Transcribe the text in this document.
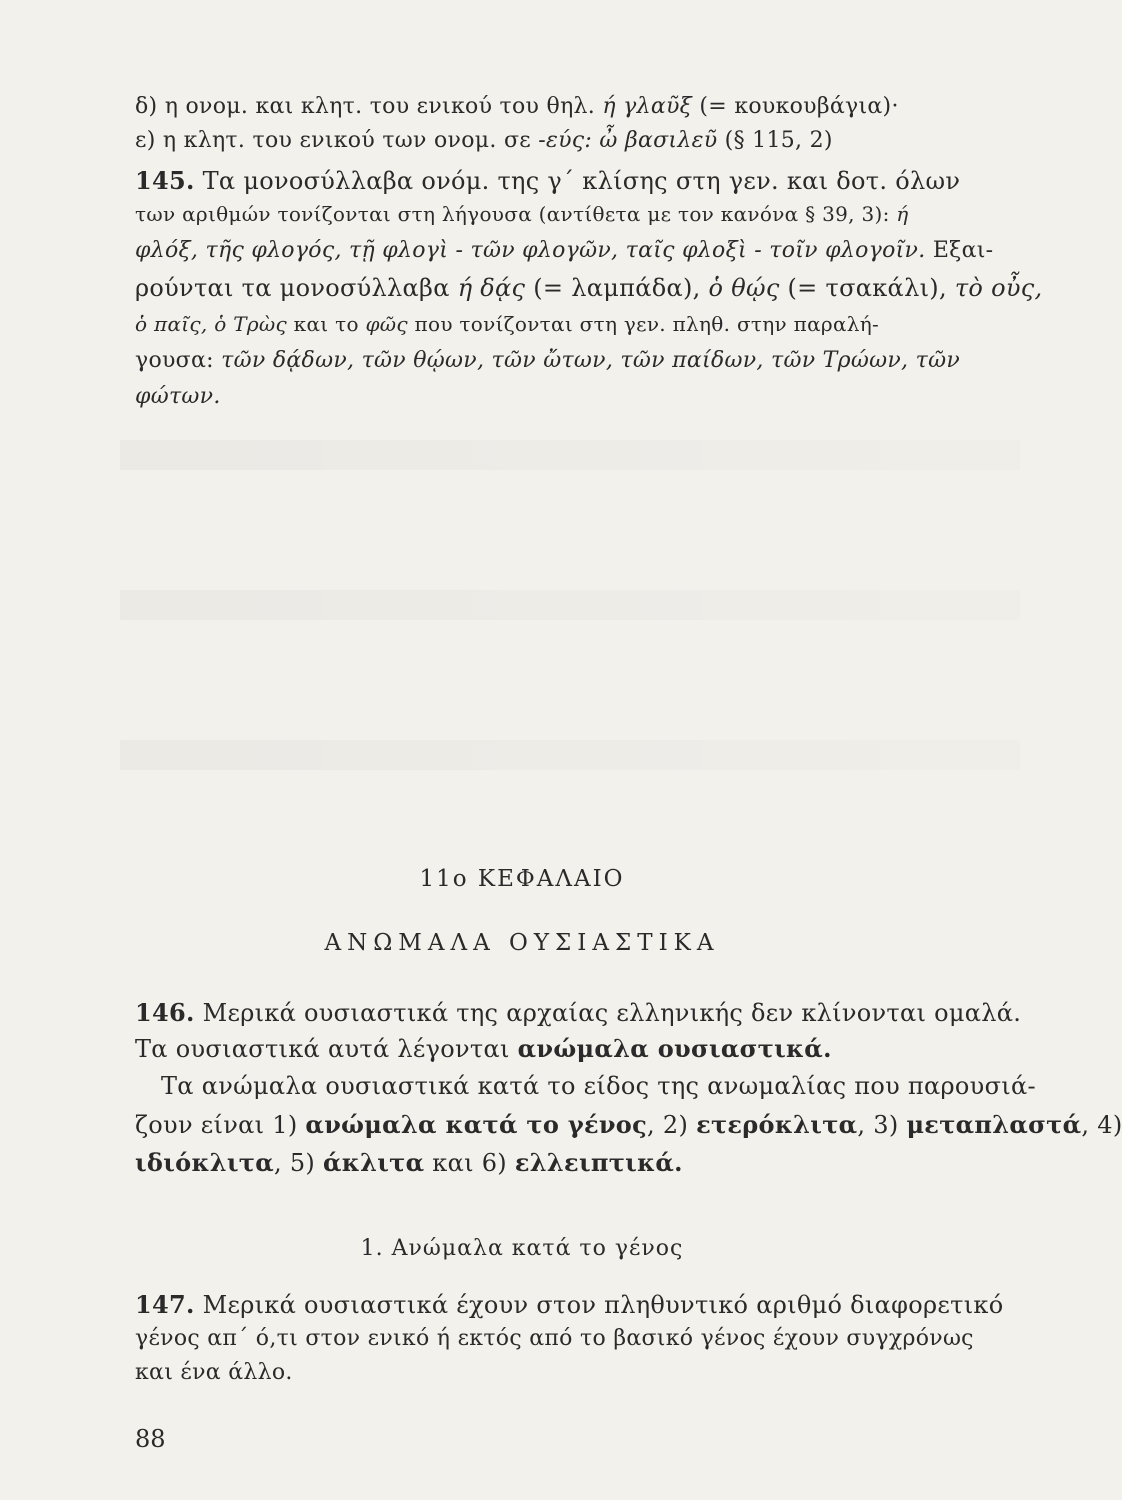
δ) η ονομ. και κλητ. του ενικού του θηλ. ή γλαῦξ (= κουκουβάγια)·
ε) η κλητ. του ενικού των ονομ. σε -εύς: ὦ βασιλεῦ (§ 115, 2)
145. Τα μονοσύλλαβα ονόμ. της γ΄ κλίσης στη γεν. και δοτ. όλων
των αριθμών τονίζονται στη λήγουσα (αντίθετα με τον κανόνα § 39, 3): ή
φλόξ, τῆς φλογός, τῇ φλογὶ - τῶν φλογῶν, ταῖς φλοξὶ - τοῖν φλογοῖν. Εξαι-
ρούνται τα μονοσύλλαβα ή δᾴς (= λαμπάδα), ὁ θῴς (= τσακάλι), τὸ οὖς,
ὁ παῖς, ὁ Τρὼς και το φῶς που τονίζονται στη γεν. πληθ. στην παραλή-
γουσα: τῶν δᾴδων, τῶν θῴων, τῶν ὤτων, τῶν παίδων, τῶν Τρώων, τῶν
φώτων.
11ο ΚΕΦΑΛΑΙΟ
ΑΝΩΜΑΛΑ ΟΥΣΙΑΣΤΙΚΑ
146. Μερικά ουσιαστικά της αρχαίας ελληνικής δεν κλίνονται ομαλά.
Τα ουσιαστικά αυτά λέγονται ανώμαλα ουσιαστικά.
Τα ανώμαλα ουσιαστικά κατά το είδος της ανωμαλίας που παρουσιά-
ζουν είναι 1) ανώμαλα κατά το γένος, 2) ετερόκλιτα, 3) μεταπλαστά, 4)
ιδιόκλιτα, 5) άκλιτα και 6) ελλειπτικά.
1. Ανώμαλα κατά το γένος
147. Μερικά ουσιαστικά έχουν στον πληθυντικό αριθμό διαφορετικό
γένος απ΄ ό,τι στον ενικό ή εκτός από το βασικό γένος έχουν συγχρόνως
και ένα άλλο.
88
